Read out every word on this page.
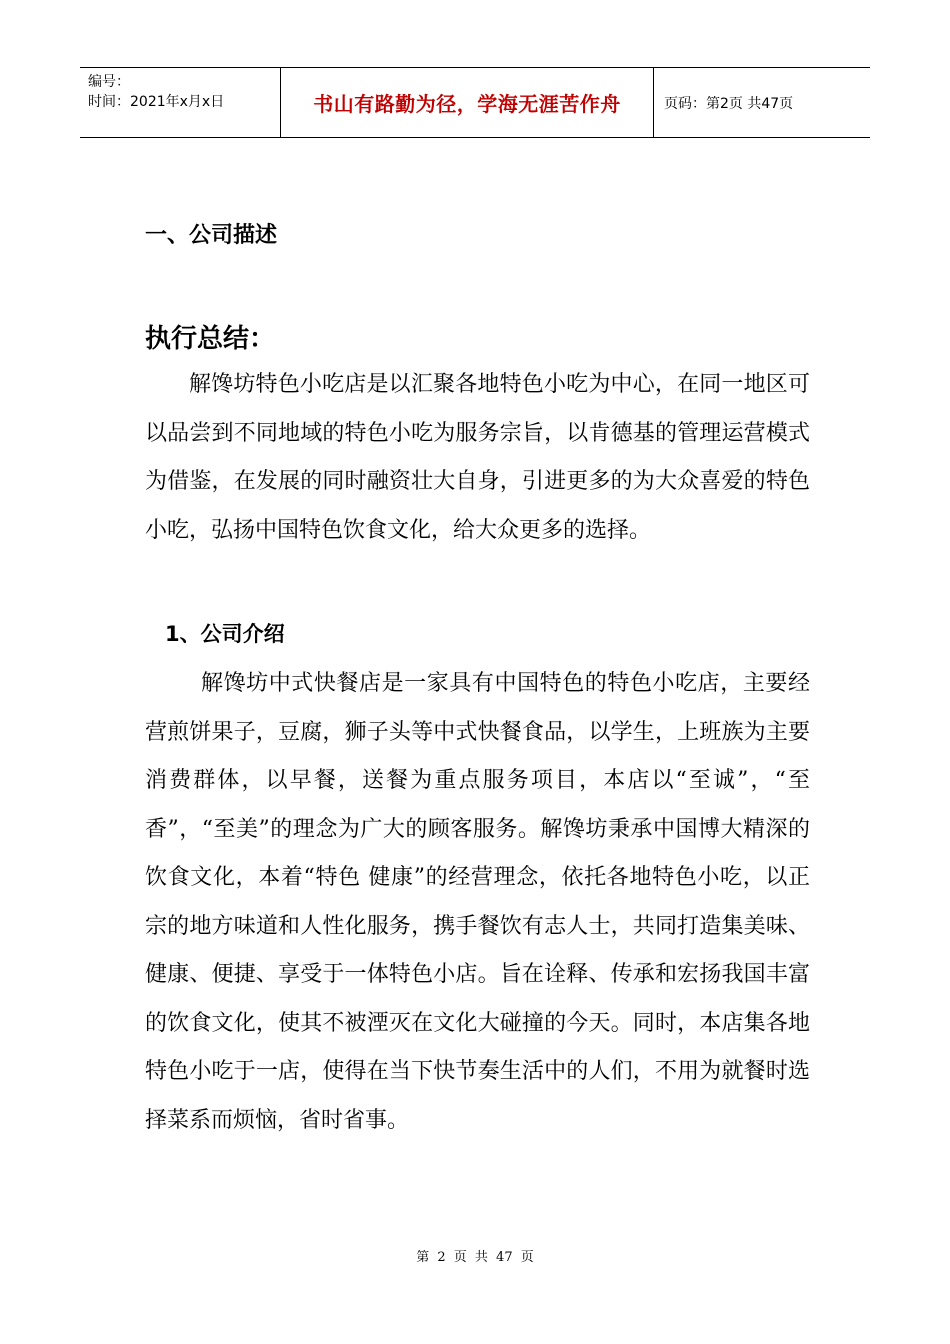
编号：
时间：2021年x月x日	书山有路勤为径，学海无涯苦作舟	页码：第2页 共47页
一、公司描述
执行总结：
解馋坊特色小吃店是以汇聚各地特色小吃为中心，在同一地区可以品尝到不同地域的特色小吃为服务宗旨，以肯德基的管理运营模式为借鉴，在发展的同时融资壮大自身，引进更多的为大众喜爱的特色小吃，弘扬中国特色饮食文化，给大众更多的选择。
1、公司介绍
解馋坊中式快餐店是一家具有中国特色的特色小吃店，主要经营煎饼果子，豆腐，狮子头等中式快餐食品，以学生，上班族为主要消费群体，以早餐，送餐为重点服务项目，本店以“至诚”，“至香”，“至美”的理念为广大的顾客服务。解馋坊秉承中国博大精深的饮食文化，本着“特色 健康”的经营理念，依托各地特色小吃，以正宗的地方味道和人性化服务，携手餐饮有志人士，共同打造集美味、健康、便捷、享受于一体特色小店。旨在诠释、传承和宏扬我国丰富的饮食文化，使其不被湮灭在文化大碰撞的今天。同时，本店集各地特色小吃于一店，使得在当下快节奏生活中的人们，不用为就餐时选择菜系而烦恼，省时省事。
第 2 页 共 47 页
